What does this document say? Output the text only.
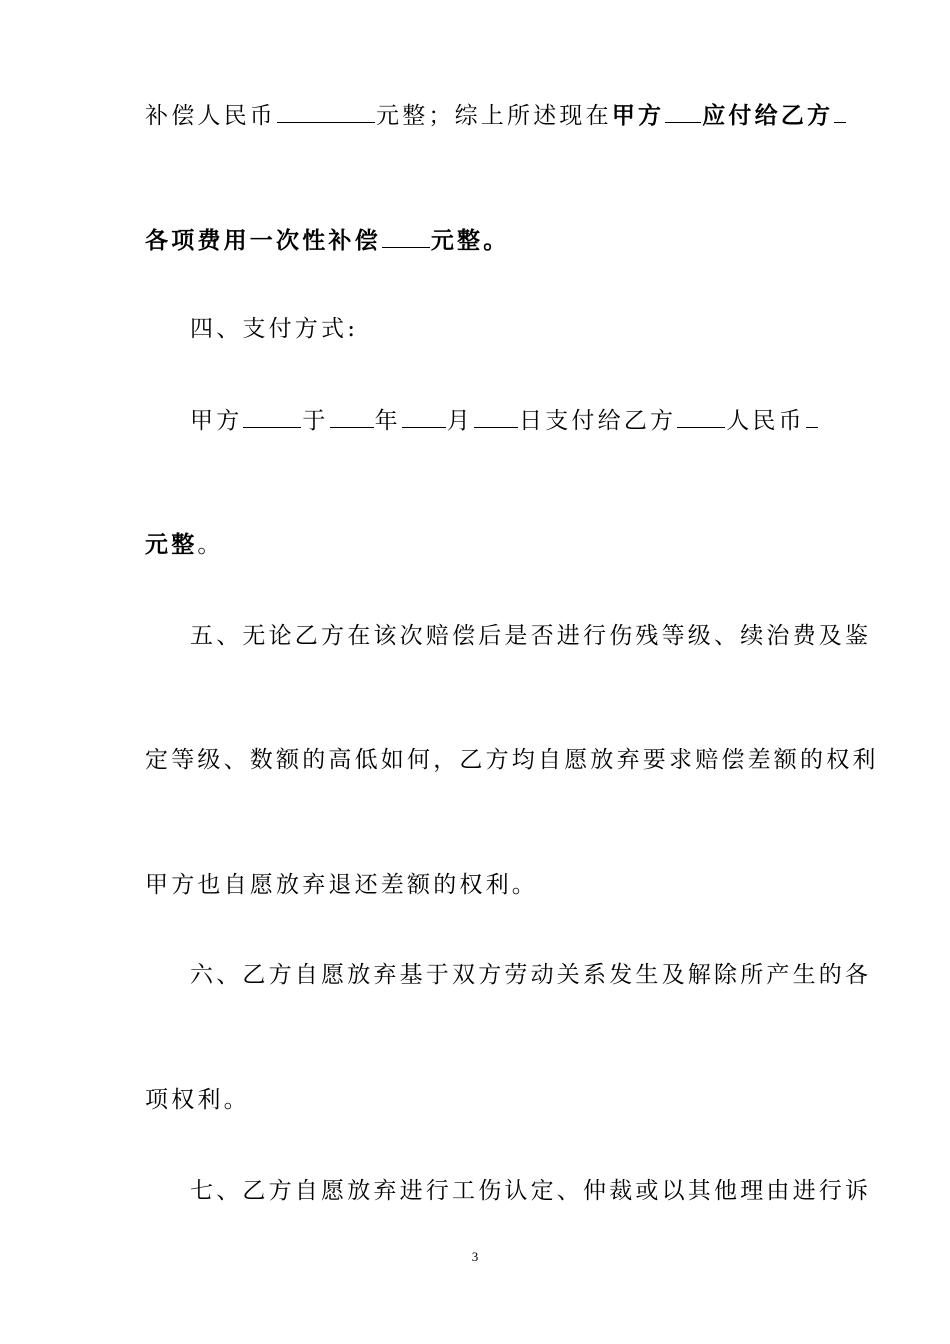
补偿人民币	元整；综上所述现在甲方 应付给乙方
各项费用一次性补偿 元整。
四、支付方式:
甲方	于 年 月 日支付给乙方 人民币
元整。
五、无论乙方在该次赔偿后是否进行伤残等级、续治费及鉴
定等级、数额的高低如何，乙方均自愿放弃要求赔偿差额的权利
甲方也自愿放弃退还差额的权利。
六、乙方自愿放弃基于双方劳动关系发生及解除所产生的各
项权利。
七、乙方自愿放弃进行工伤认定、仲裁或以其他理由进行诉
3
